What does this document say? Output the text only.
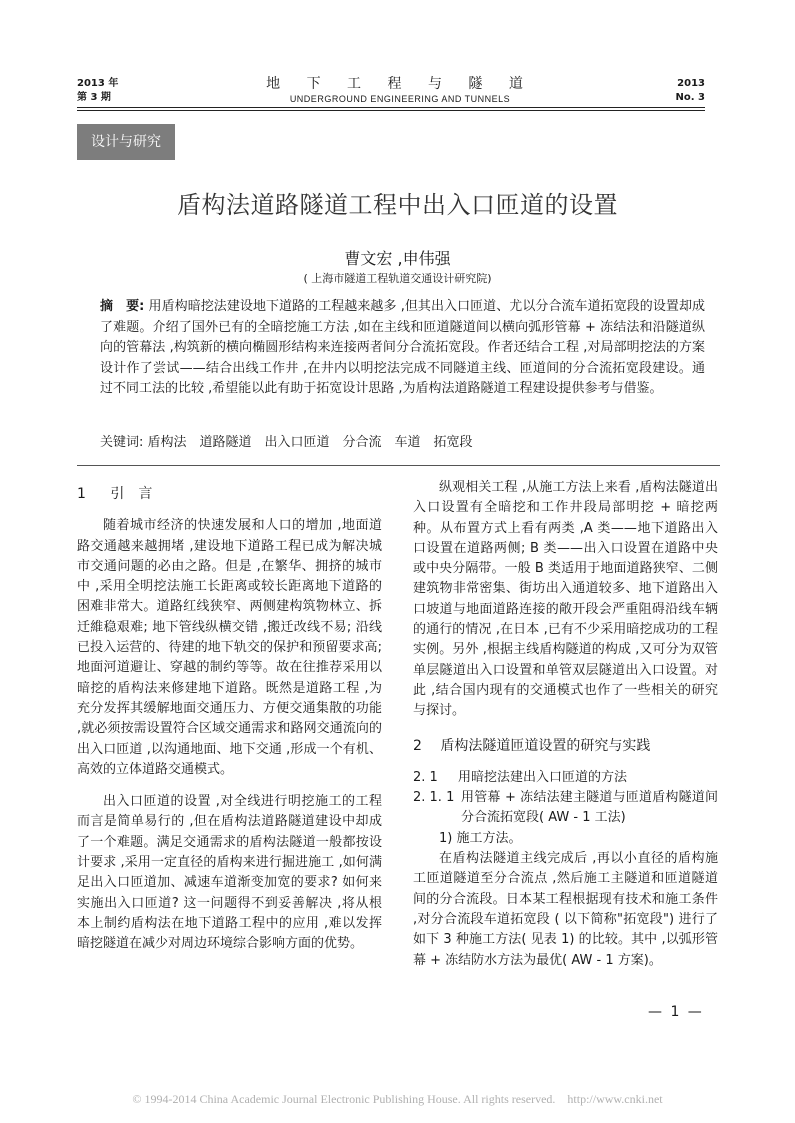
2013 年
第 3 期
地 下 工 程 与 隧 道
UNDERGROUND ENGINEERING AND TUNNELS
2013
No. 3
设计与研究
盾构法道路隧道工程中出入口匝道的设置
曹文宏 ,申伟强
( 上海市隧道工程轨道交通设计研究院)
摘　要: 用盾构暗挖法建设地下道路的工程越来越多 ,但其出入口匝道、尤以分合流车道拓宽段的设置却成了难题。介绍了国外已有的全暗挖施工方法 ,如在主线和匝道隧道间以横向弧形管幕 + 冻结法和沿隧道纵向的管幕法 ,构筑新的横向椭圆形结构来连接两者间分合流拓宽段。作者还结合工程 ,对局部明挖法的方案设计作了尝试——结合出线工作井 ,在井内以明挖法完成不同隧道主线、匝道间的分合流拓宽段建设。通过不同工法的比较 ,希望能以此有助于拓宽设计思路 ,为盾构法道路隧道工程建设提供参考与借鉴。
关键词: 盾构法　道路隧道　出入口匝道　分合流　车道　拓宽段
1 引　言

随着城市经济的快速发展和人口的增加 ,地面道路交通越来越拥堵 ,建设地下道路工程已成为解决城市交通问题的必由之路。但是 ,在繁华、拥挤的城市中 ,采用全明挖法施工长距离或较长距离地下道路的困难非常大。道路红线狭窄、两侧建构筑物林立、拆迁維稳艰难; 地下管线纵横交错 ,搬迁改线不易; 沿线已投入运营的、待建的地下轨交的保护和预留要求高; 地面河道避让、穿越的制约等等。故在往推荐采用以暗挖的盾构法来修建地下道路。既然是道路工程 ,为充分发挥其缓解地面交通压力、方便交通集散的功能 ,就必须按需设置符合区域交通需求和路网交通流向的出入口匝道 ,以沟通地面、地下交通 ,形成一个有机、高效的立体道路交通模式。

出入口匝道的设置 ,对全线进行明挖施工的工程而言是简单易行的 ,但在盾构法道路隧道建设中却成了一个难题。满足交通需求的盾构法隧道一般都按设计要求 ,采用一定直径的盾构来进行掘进施工 ,如何满足出入口匝道加、减速车道渐变加宽的要求? 如何来实施出入口匝道? 这一问题得不到妥善解决 ,将从根本上制约盾构法在地下道路工程中的应用 ,难以发挥暗挖隧道在减少对周边环境综合影响方面的优势。

纵观相关工程 ,从施工方法上来看 ,盾构法隧道出入口设置有全暗挖和工作井段局部明挖 + 暗挖两种。从布置方式上看有两类 ,A 类——地下道路出入口设置在道路两侧; B 类——出入口设置在道路中央或中央分隔带。一般 B 类适用于地面道路狭窄、二侧建筑物非常密集、街坊出入通道较多、地下道路出入口坡道与地面道路连接的敞开段会严重阻碍沿线车辆的通行的情况 ,在日本 ,已有不少采用暗挖成功的工程实例。另外 ,根据主线盾构隧道的构成 ,又可分为双管单层隧道出入口设置和单管双层隧道出入口设置。对此 ,结合国内现有的交通模式也作了一些相关的研究与探讨。

2 盾构法隧道匝道设置的研究与实践
2. 1 用暗挖法建出入口匝道的方法
2. 1. 1 用管幕 + 冻结法建主隧道与匝道盾构隧道间分合流拓宽段( AW - 1 工法)

1) 施工方法。

在盾构法隧道主线完成后 ,再以小直径的盾构施工匝道隧道至分合流点 ,然后施工主隧道和匝道隧道间的分合流段。日本某工程根据现有技术和施工条件 ,对分合流段车道拓宽段 ( 以下简称"拓宽段") 进行了如下 3 种施工方法( 见表 1) 的比较。其中 ,以弧形管幕 + 冻结防水方法为最优( AW - 1 方案)。

— 1 —
© 1994-2014 China Academic Journal Electronic Publishing House. All rights reserved.　http://www.cnki.net
